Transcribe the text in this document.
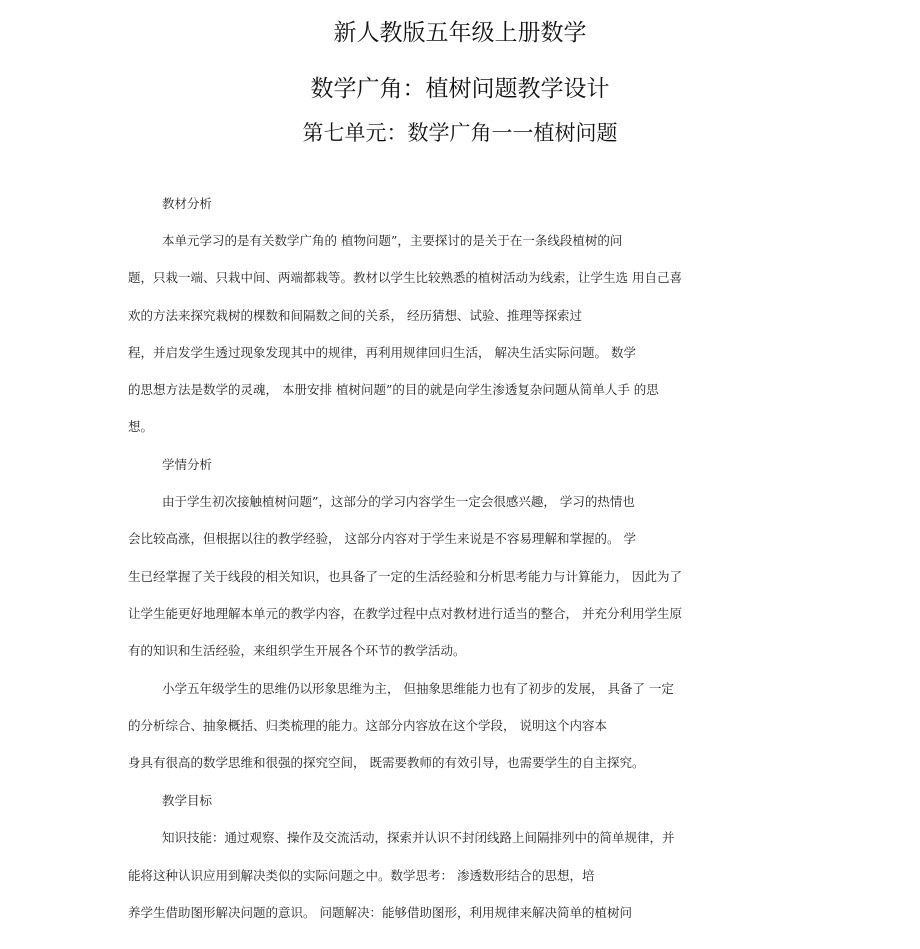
新人教版五年级上册数学
数学广角：植树问题教学设计
第七单元：数学广角一一植树问题
教材分析
本单元学习的是有关数学广角的 植物问题”，主要探讨的是关于在一条线段植树的问
题，只栽一端、只栽中间、两端都栽等。教材以学生比较熟悉的植树活动为线索，让学生选 用自己喜
欢的方法来探究栽树的棵数和间隔数之间的关系， 经历猜想、试验、推理等探索过
程，并启发学生透过现象发现其中的规律，再利用规律回归生活， 解决生活实际问题。 数学
的思想方法是数学的灵魂， 本册安排 植树问题”的目的就是向学生渗透复杂问题从简单人手 的思
想。
学情分析
由于学生初次接触植树问题”，这部分的学习内容学生一定会很感兴趣， 学习的热情也
会比较高涨，但根据以往的教学经验， 这部分内容对于学生来说是不容易理解和掌握的。 学
生已经掌握了关于线段的相关知识，也具备了一定的生活经验和分析思考能力与计算能力， 因此为了
让学生能更好地理解本单元的教学内容，在教学过程中点对教材进行适当的整合， 并充分利用学生原
有的知识和生活经验，来组织学生开展各个环节的教学活动。
小学五年级学生的思维仍以形象思维为主， 但抽象思维能力也有了初步的发展， 具备了 一定
的分析综合、抽象概括、归类梳理的能力。这部分内容放在这个学段， 说明这个内容本
身具有很高的数学思维和很强的探究空间， 既需要教师的有效引导，也需要学生的自主探究。
教学目标
知识技能：通过观察、操作及交流活动，探索并认识不封闭线路上间隔排列中的简单规律，并
能将这种认识应用到解决类似的实际问题之中。数学思考： 渗透数形结合的思想，培
养学生借助图形解决问题的意识。 问题解决：能够借助图形，利用规律来解决简单的植树问
